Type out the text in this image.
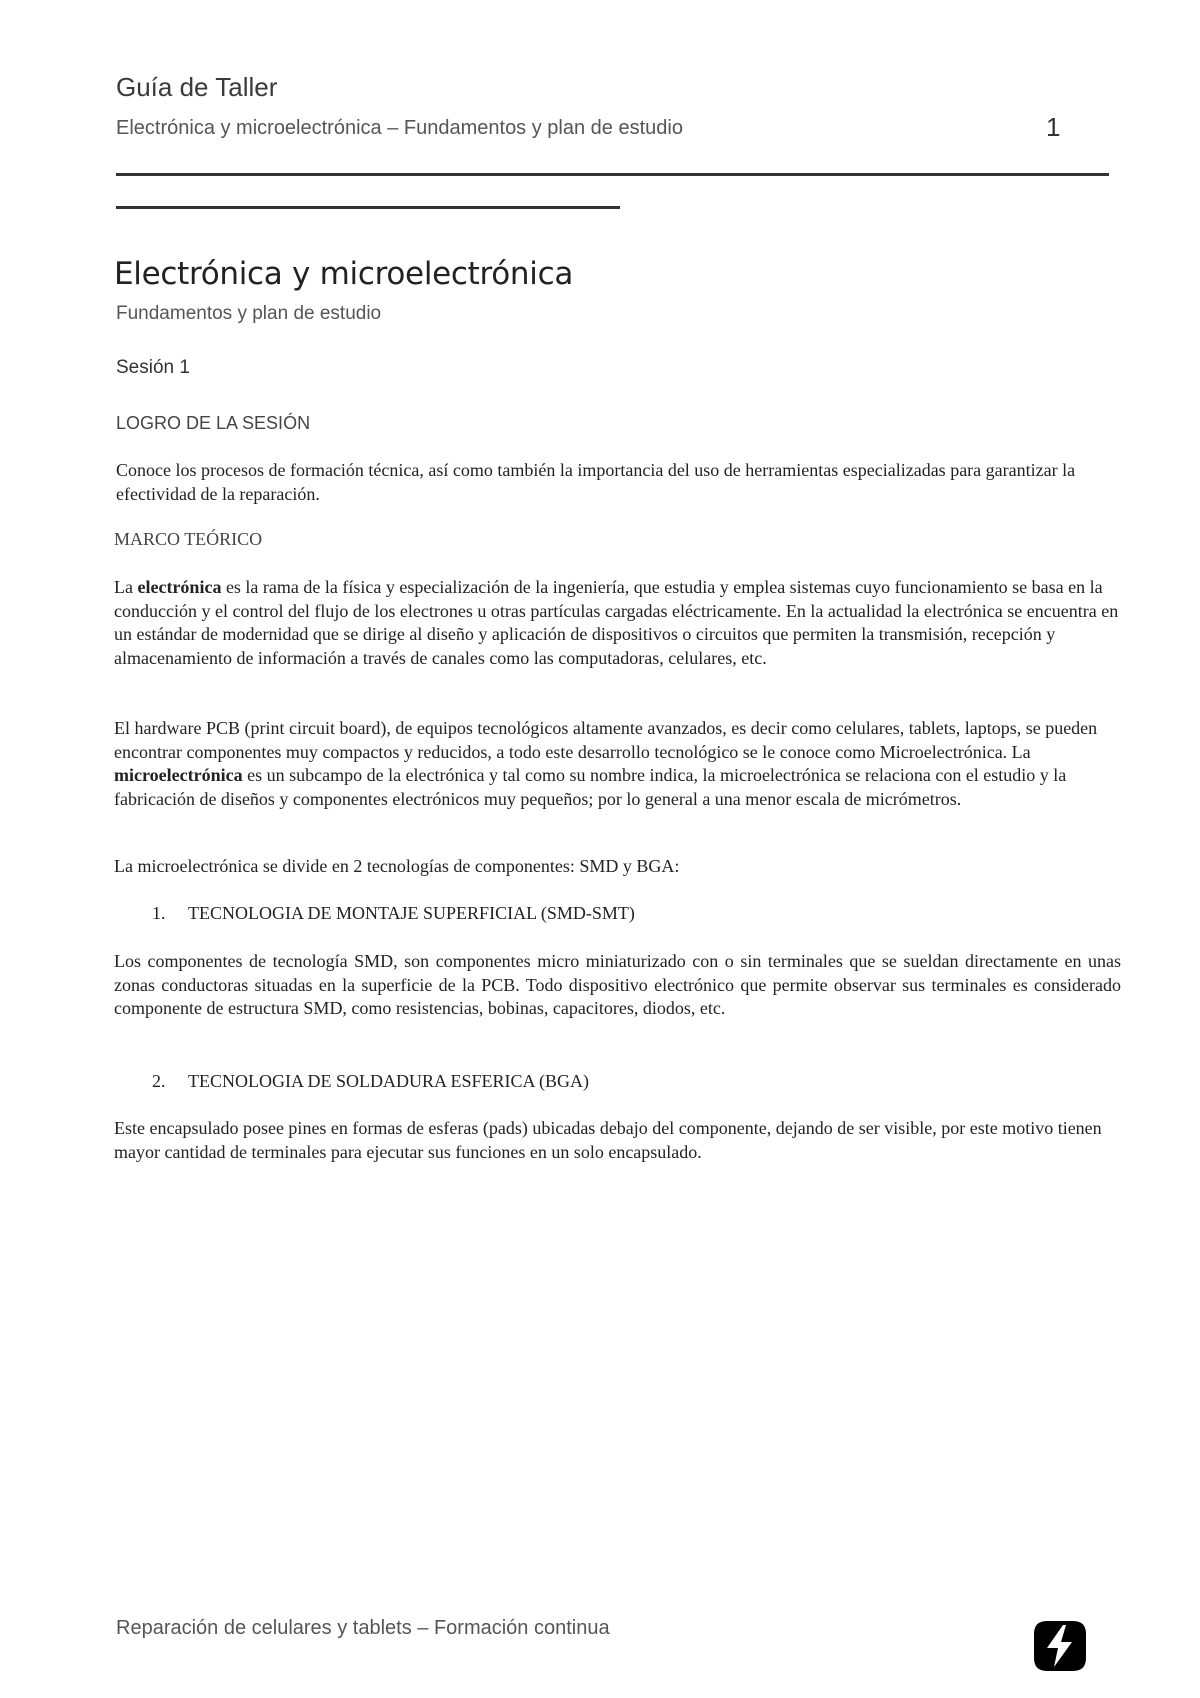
Guía de Taller
Electrónica y microelectrónica – Fundamentos y plan de estudio	1
Electrónica y microelectrónica
Fundamentos y plan de estudio
Sesión 1
LOGRO DE LA SESIÓN
Conoce los procesos de formación técnica, así como también la importancia del uso de herramientas especializadas para garantizar la efectividad de la reparación.
MARCO TEÓRICO
La electrónica es la rama de la física y especialización de la ingeniería, que estudia y emplea sistemas cuyo funcionamiento se basa en la conducción y el control del flujo de los electrones u otras partículas cargadas eléctricamente. En la actualidad la electrónica se encuentra en un estándar de modernidad que se dirige al diseño y aplicación de dispositivos o circuitos que permiten la transmisión, recepción y almacenamiento de información a través de canales como las computadoras, celulares, etc.
El hardware PCB (print circuit board), de equipos tecnológicos altamente avanzados, es decir como celulares, tablets, laptops, se pueden encontrar componentes muy compactos y reducidos, a todo este desarrollo tecnológico se le conoce como Microelectrónica. La microelectrónica es un subcampo de la electrónica y tal como su nombre indica, la microelectrónica se relaciona con el estudio y la fabricación de diseños y componentes electrónicos muy pequeños; por lo general a una menor escala de micrómetros.
La microelectrónica se divide en 2 tecnologías de componentes: SMD y BGA:
1. TECNOLOGIA DE MONTAJE SUPERFICIAL (SMD-SMT)
Los componentes de tecnología SMD, son componentes micro miniaturizado con o sin terminales que se sueldan directamente en unas zonas conductoras situadas en la superficie de la PCB. Todo dispositivo electrónico que permite observar sus terminales es considerado componente de estructura SMD, como resistencias, bobinas, capacitores, diodos, etc.
2. TECNOLOGIA DE SOLDADURA ESFERICA (BGA)
Este encapsulado posee pines en formas de esferas (pads) ubicadas debajo del componente, dejando de ser visible, por este motivo tienen mayor cantidad de terminales para ejecutar sus funciones en un solo encapsulado.
Reparación de celulares y tablets – Formación continua
